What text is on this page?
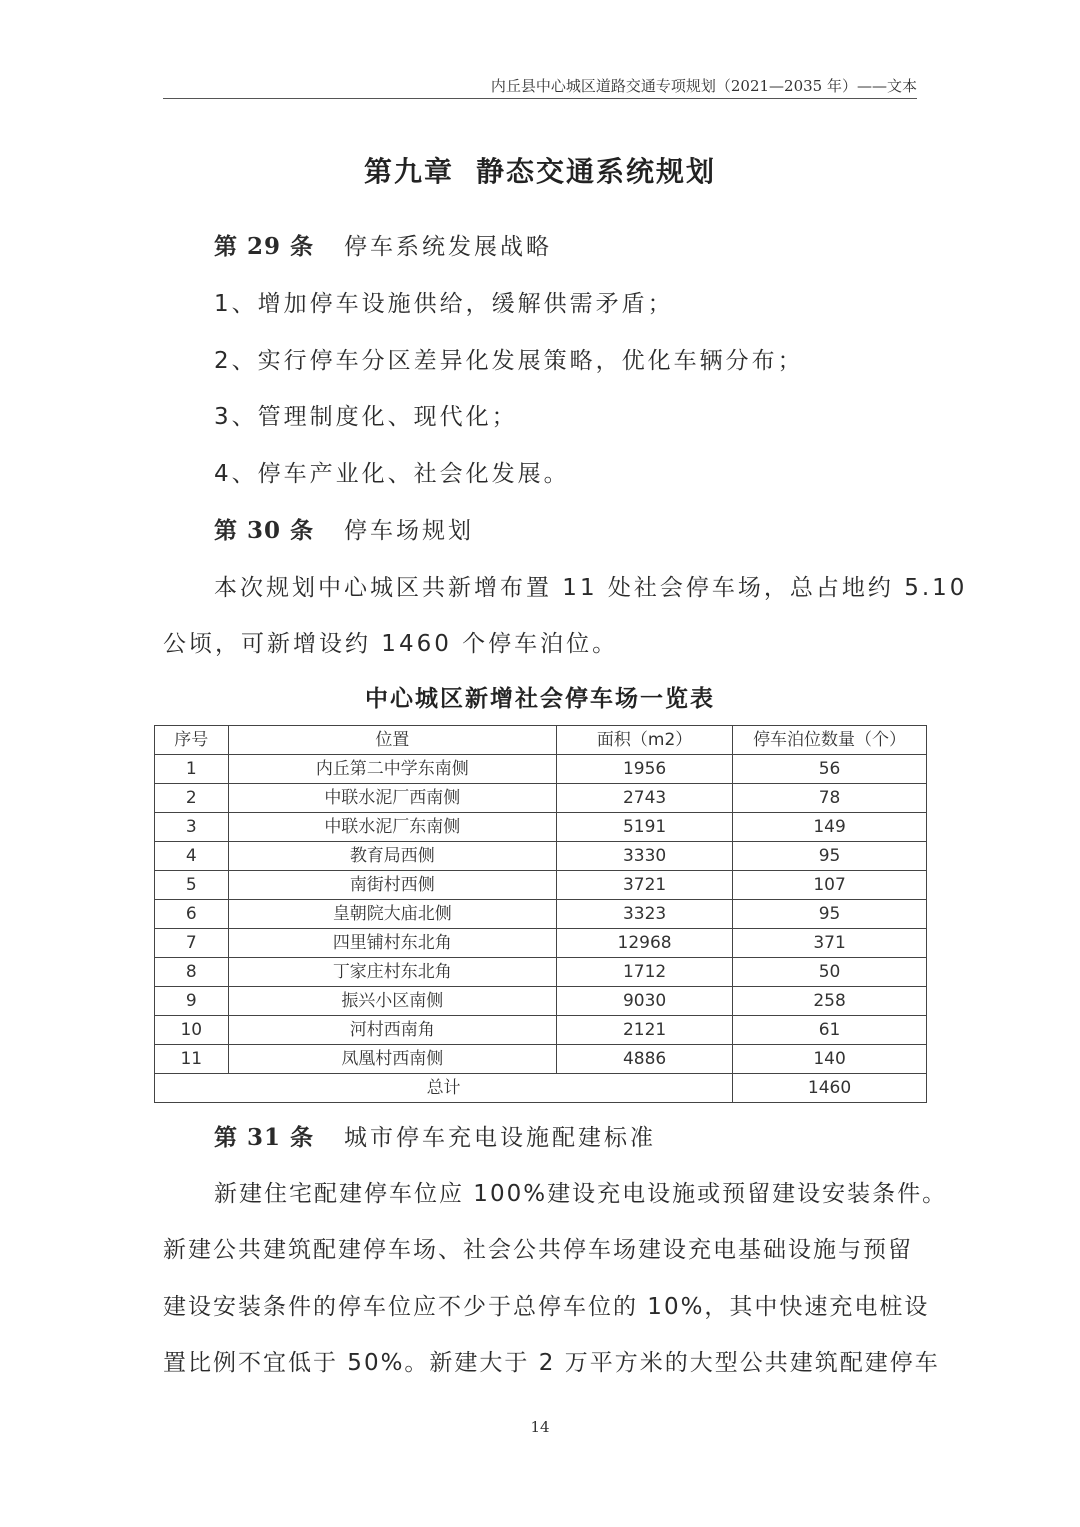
内丘县中心城区道路交通专项规划（2021—2035 年）——文本
第九章 静态交通系统规划
第 29 条 停车系统发展战略
1、增加停车设施供给，缓解供需矛盾；
2、实行停车分区差异化发展策略，优化车辆分布；
3、管理制度化、现代化；
4、停车产业化、社会化发展。
第 30 条 停车场规划
本次规划中心城区共新增布置 11 处社会停车场，总占地约 5.10
公顷，可新增设约 1460 个停车泊位。
中心城区新增社会停车场一览表
序号	位置	面积（m2）	停车泊位数量（个）
1	内丘第二中学东南侧	1956	56
2	中联水泥厂西南侧	2743	78
3	中联水泥厂东南侧	5191	149
4	教育局西侧	3330	95
5	南街村西侧	3721	107
6	皇朝院大庙北侧	3323	95
7	四里铺村东北角	12968	371
8	丁家庄村东北角	1712	50
9	振兴小区南侧	9030	258
10	河村西南角	2121	61
11	凤凰村西南侧	4886	140
总计			1460
第 31 条 城市停车充电设施配建标准
新建住宅配建停车位应 100%建设充电设施或预留建设安装条件。
新建公共建筑配建停车场、社会公共停车场建设充电基础设施与预留
建设安装条件的停车位应不少于总停车位的 10%，其中快速充电桩设
置比例不宜低于 50%。新建大于 2 万平方米的大型公共建筑配建停车
14
